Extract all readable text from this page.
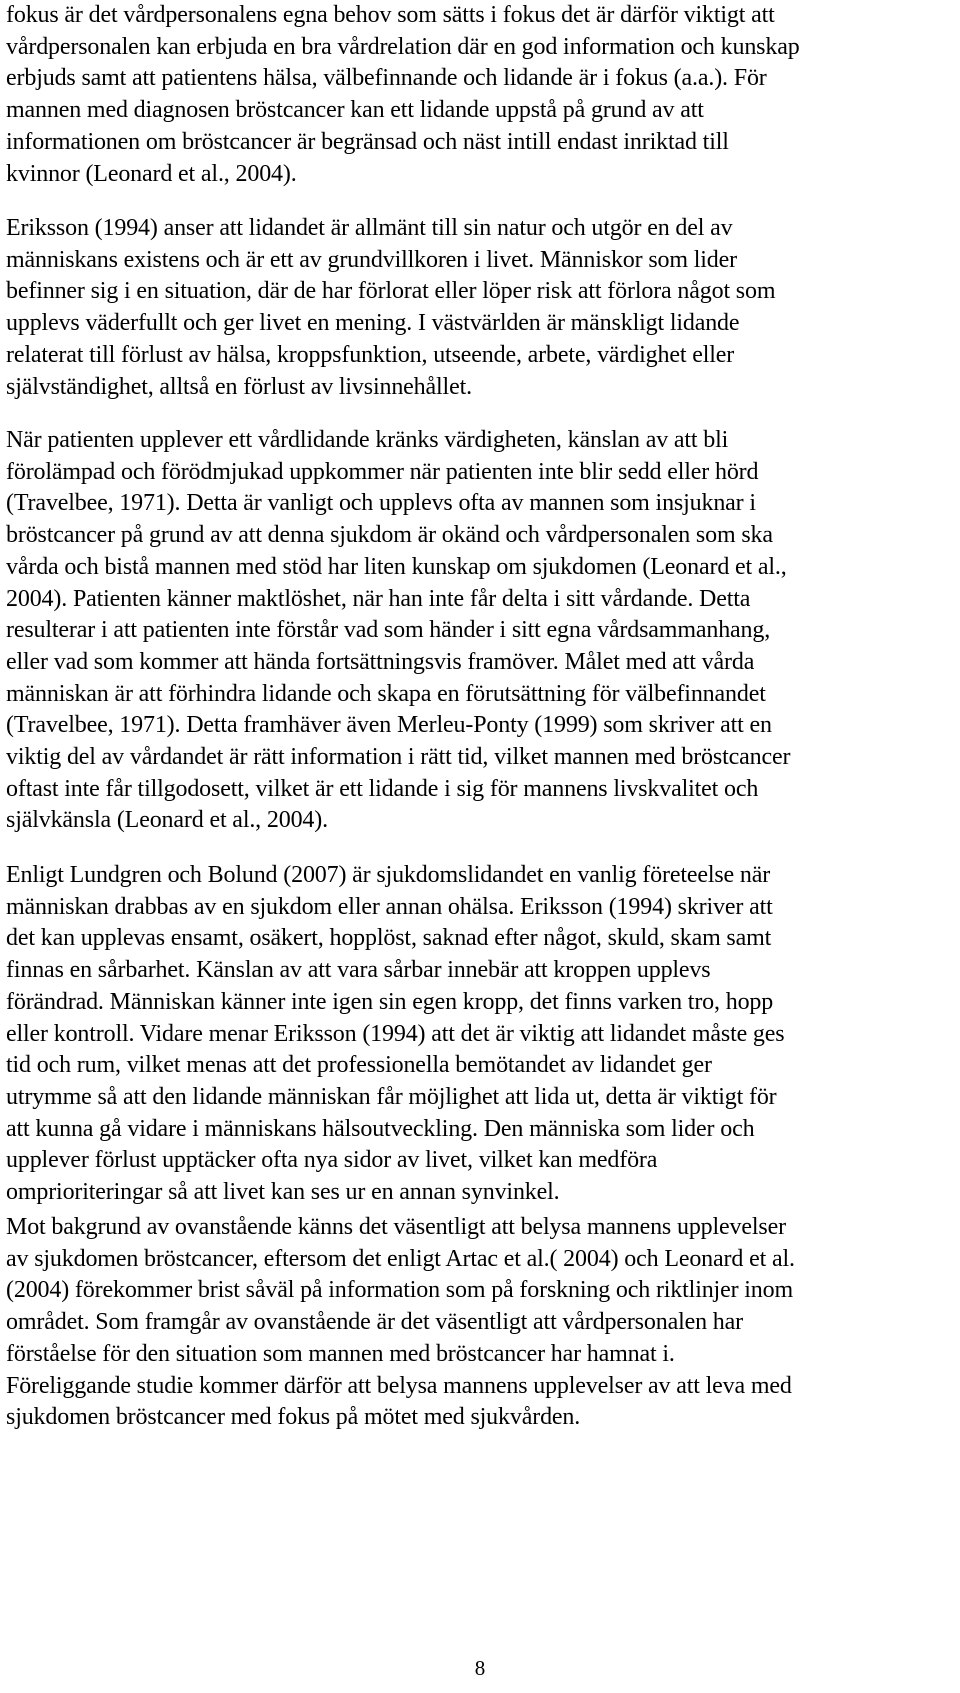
fokus är det vårdpersonalens egna behov som sätts i fokus det är därför viktigt att
vårdpersonalen kan erbjuda en bra vårdrelation där en god information och kunskap
erbjuds samt att patientens hälsa, välbefinnande och lidande är i fokus (a.a.). För
mannen med diagnosen bröstcancer kan ett lidande uppstå på grund av att
informationen om bröstcancer är begränsad och näst intill endast inriktad till
kvinnor (Leonard et al., 2004).

Eriksson (1994) anser att lidandet är allmänt till sin natur och utgör en del av
människans existens och är ett av grundvillkoren i livet. Människor som lider
befinner sig i en situation, där de har förlorat eller löper risk att förlora något som
upplevs väderfullt och ger livet en mening. I västvärlden är mänskligt lidande
relaterat till förlust av hälsa, kroppsfunktion, utseende, arbete, värdighet eller
självständighet, alltså en förlust av livsinnehållet.

När patienten upplever ett vårdlidande kränks värdigheten, känslan av att bli
förolämpad och förödmjukad uppkommer när patienten inte blir sedd eller hörd
(Travelbee, 1971). Detta är vanligt och upplevs ofta av mannen som insjuknar i
bröstcancer på grund av att denna sjukdom är okänd och vårdpersonalen som ska
vårda och bistå mannen med stöd har liten kunskap om sjukdomen (Leonard et al.,
2004). Patienten känner maktlöshet, när han inte får delta i sitt vårdande. Detta
resulterar i att patienten inte förstår vad som händer i sitt egna vårdsammanhang,
eller vad som kommer att hända fortsättningsvis framöver. Målet med att vårda
människan är att förhindra lidande och skapa en förutsättning för välbefinnandet
(Travelbee, 1971). Detta framhäver även Merleu-Ponty (1999) som skriver att en
viktig del av vårdandet är rätt information i rätt tid, vilket mannen med bröstcancer
oftast inte får tillgodosett, vilket är ett lidande i sig för mannens livskvalitet och
självkänsla (Leonard et al., 2004).

Enligt Lundgren och Bolund (2007) är sjukdomslidandet en vanlig företeelse när
människan drabbas av en sjukdom eller annan ohälsa. Eriksson (1994) skriver att
det kan upplevas ensamt, osäkert, hopplöst, saknad efter något, skuld, skam samt
finnas en sårbarhet. Känslan av att vara sårbar innebär att kroppen upplevs
förändrad. Människan känner inte igen sin egen kropp, det finns varken tro, hopp
eller kontroll. Vidare menar Eriksson (1994) att det är viktig att lidandet måste ges
tid och rum, vilket menas att det professionella bemötandet av lidandet ger
utrymme så att den lidande människan får möjlighet att lida ut, detta är viktigt för
att kunna gå vidare i människans hälsoutveckling. Den människa som lider och
upplever förlust upptäcker ofta nya sidor av livet, vilket kan medföra
omprioriteringar så att livet kan ses ur en annan synvinkel.

Mot bakgrund av ovanstående känns det väsentligt att belysa mannens upplevelser
av sjukdomen bröstcancer, eftersom det enligt Artac et al.( 2004) och Leonard et al.
(2004) förekommer brist såväl på information som på forskning och riktlinjer inom
området. Som framgår av ovanstående är det väsentligt att vårdpersonalen har
förståelse för den situation som mannen med bröstcancer har hamnat i.
Föreliggande studie kommer därför att belysa mannens upplevelser av att leva med
sjukdomen bröstcancer med fokus på mötet med sjukvården.

8
